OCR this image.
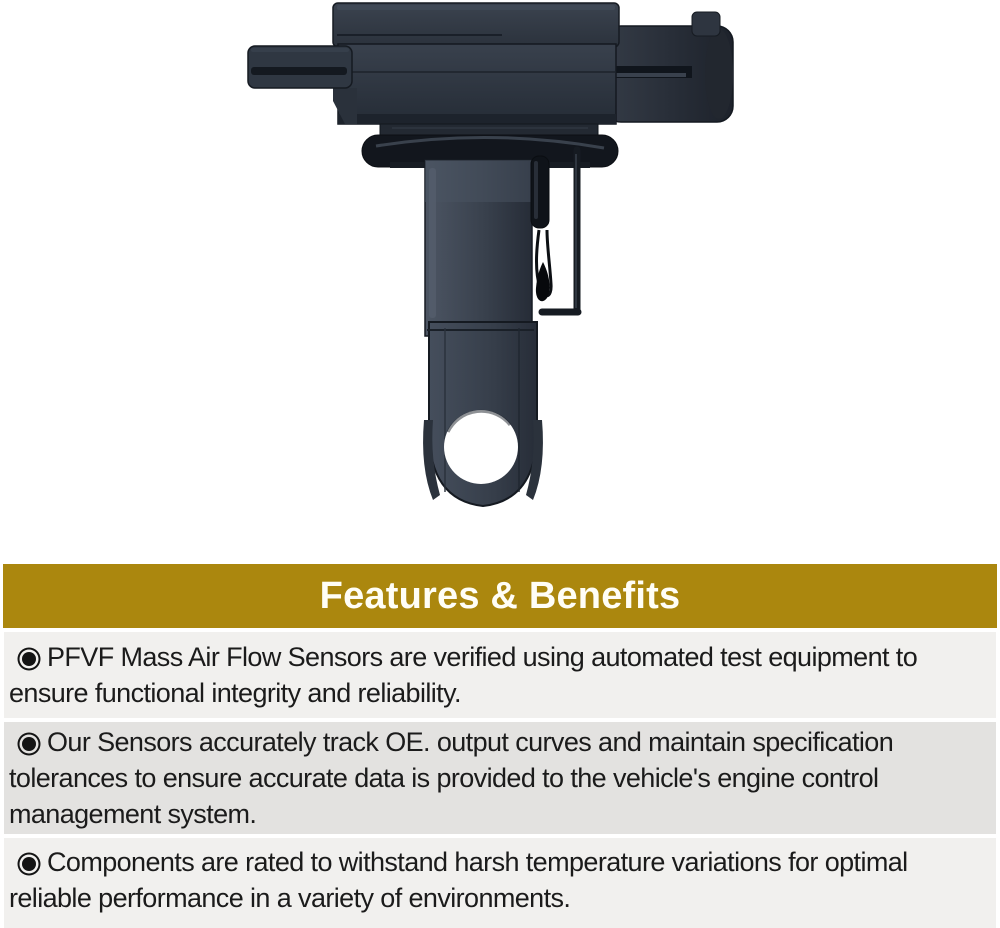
Features & Benefits

PFVF Mass Air Flow Sensors are verified using automated test equipment to ensure functional integrity and reliability.

Our Sensors accurately track OE. output curves and maintain specification tolerances to ensure accurate data is provided to the vehicle's engine control management system.

Components are rated to withstand harsh temperature variations for optimal reliable performance in a variety of environments.
